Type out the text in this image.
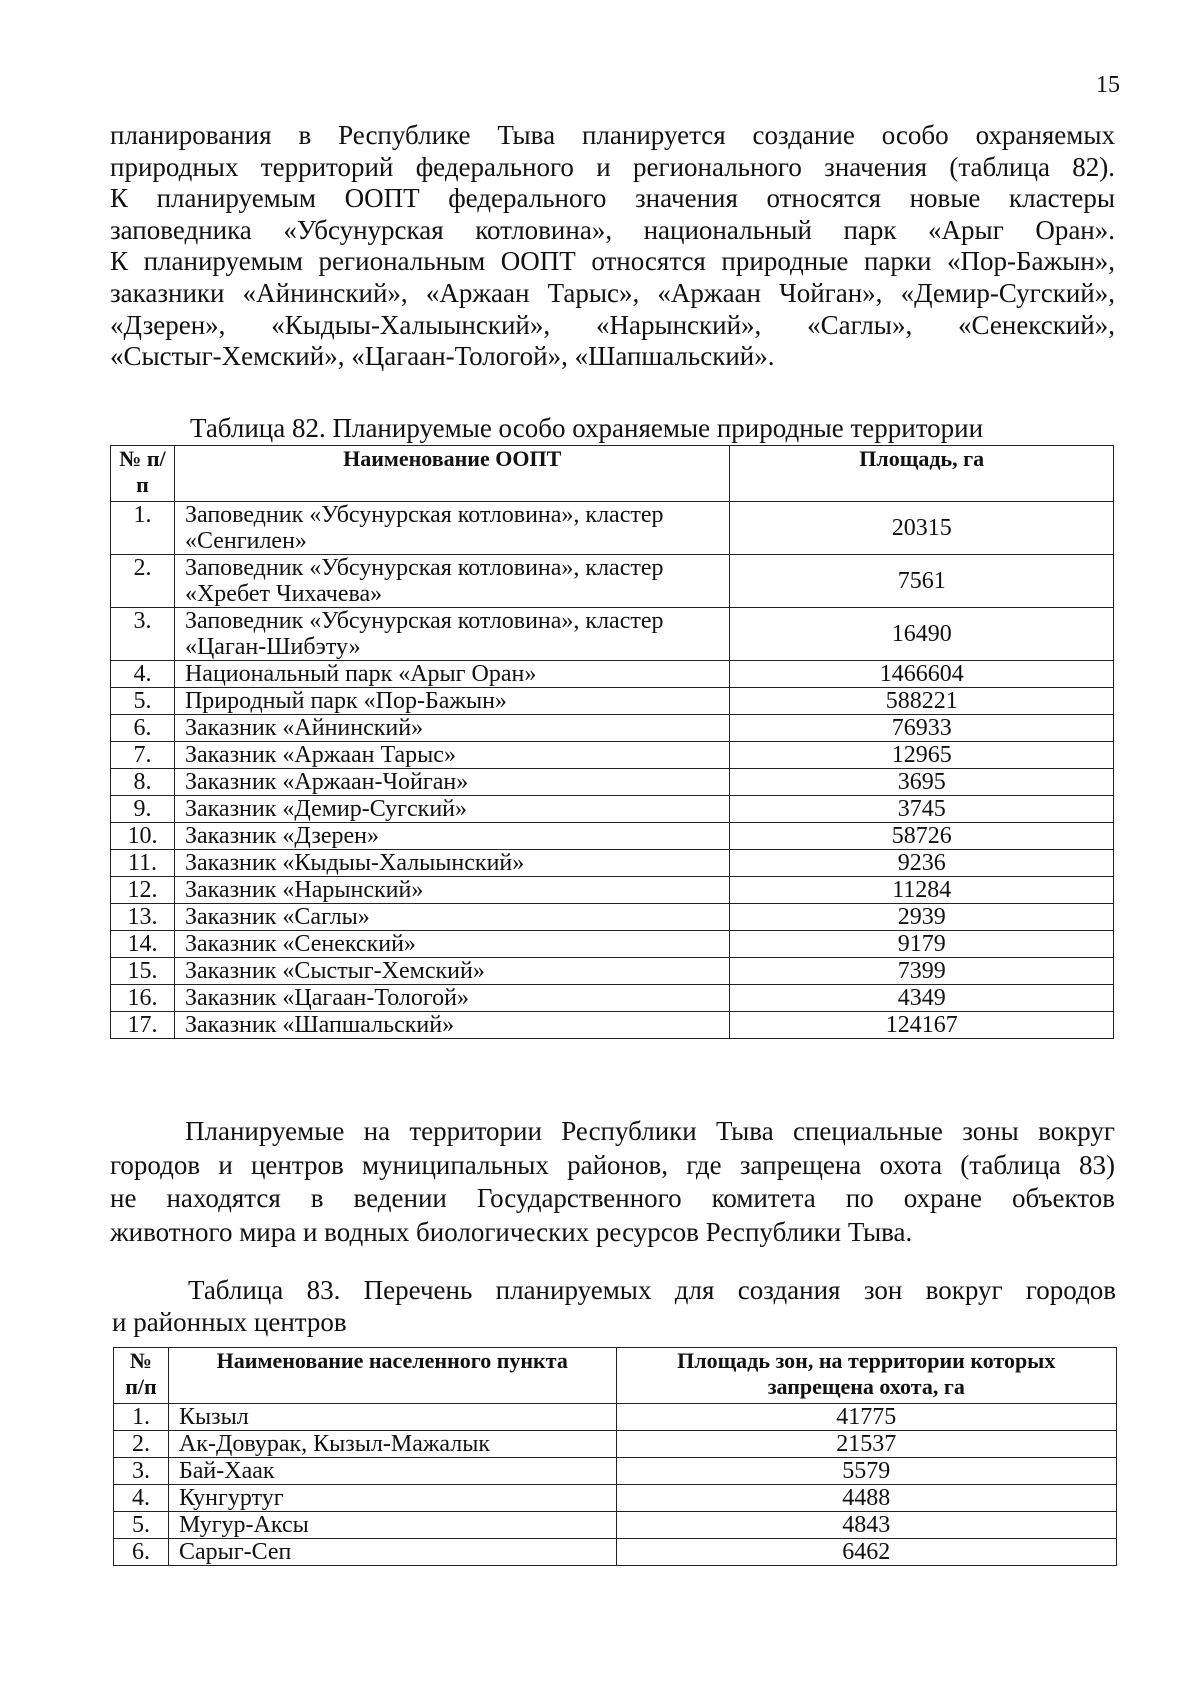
15
планирования в Республике Тыва планируется создание особо охраняемых
природных территорий федерального и регионального значения (таблица 82).
К планируемым ООПТ федерального значения относятся новые кластеры
заповедника «Убсунурская котловина», национальный парк «Арыг Оран».
К планируемым региональным ООПТ относятся природные парки «Пор-Бажын»,
заказники «Айнинский», «Аржаан Тарыс», «Аржаан Чойган», «Демир-Сугский»,
«Дзерен», «Кыдыы-Халыынский», «Нарынский», «Саглы», «Сенекский»,
«Сыстыг-Хемский», «Цагаан-Тологой», «Шапшальский».
Таблица 82. Планируемые особо охраняемые природные территории
№ п/п	Наименование ООПТ	Площадь, га
1.	Заповедник «Убсунурская котловина», кластер «Сенгилен»	20315
2.	Заповедник «Убсунурская котловина», кластер «Хребет Чихачева»	7561
3.	Заповедник «Убсунурская котловина», кластер «Цаган-Шибэту»	16490
4.	Национальный парк «Арыг Оран»	1466604
5.	Природный парк «Пор-Бажын»	588221
6.	Заказник «Айнинский»	76933
7.	Заказник «Аржаан Тарыс»	12965
8.	Заказник «Аржаан-Чойган»	3695
9.	Заказник «Демир-Сугский»	3745
10.	Заказник «Дзерен»	58726
11.	Заказник «Кыдыы-Халыынский»	9236
12.	Заказник «Нарынский»	11284
13.	Заказник «Саглы»	2939
14.	Заказник «Сенекский»	9179
15.	Заказник «Сыстыг-Хемский»	7399
16.	Заказник «Цагаан-Тологой»	4349
17.	Заказник «Шапшальский»	124167
Планируемые на территории Республики Тыва специальные зоны вокруг
городов и центров муниципальных районов, где запрещена охота (таблица 83)
не находятся в ведении Государственного комитета по охране объектов
животного мира и водных биологических ресурсов Республики Тыва.
Таблица 83. Перечень планируемых для создания зон вокруг городов
и районных центров
№ п/п	Наименование населенного пункта	Площадь зон, на территории которых запрещена охота, га
1.	Кызыл	41775
2.	Ак-Довурак, Кызыл-Мажалык	21537
3.	Бай-Хаак	5579
4.	Кунгуртуг	4488
5.	Мугур-Аксы	4843
6.	Сарыг-Сеп	6462
